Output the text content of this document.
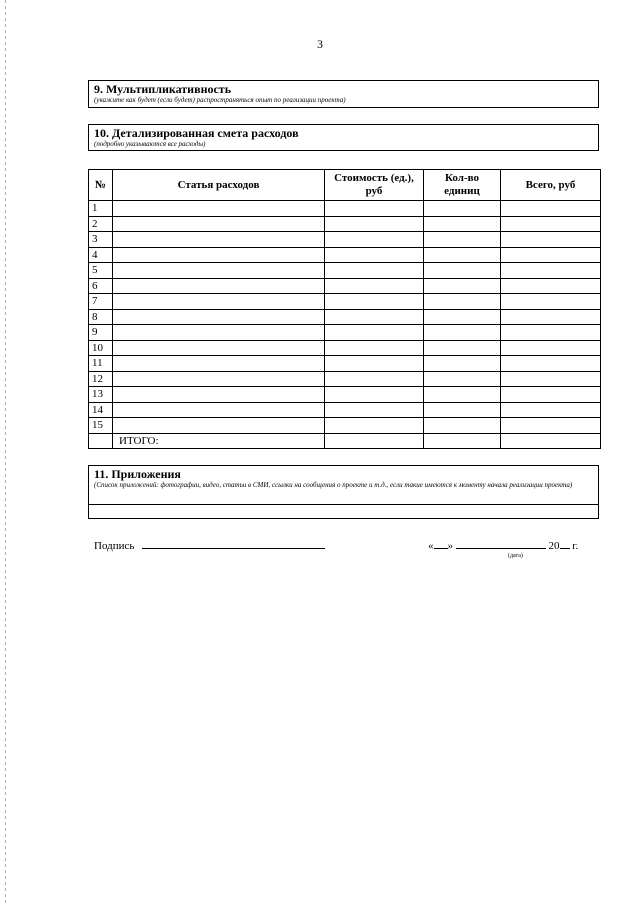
3
9. Мультипликативность
(укажите как будет (если будет) распространяться опыт по реализации проекта)
10. Детализированная смета расходов
(подробно указываются все расходы)
№	Статья расходов	Стоимость (ед.), руб	Кол-во единиц	Всего, руб
1				
2				
3				
4				
5				
6				
7				
8				
9				
10				
11				
12				
13				
14				
15				
	ИТОГО:			
11. Приложения
(Список приложений: фотографии, видео, статьи в СМИ, ссылки на сообщения о проекте и т.д., если такие имеются к моменту начала реализации проекта)
Подпись	« »	20 г.
(дата)
